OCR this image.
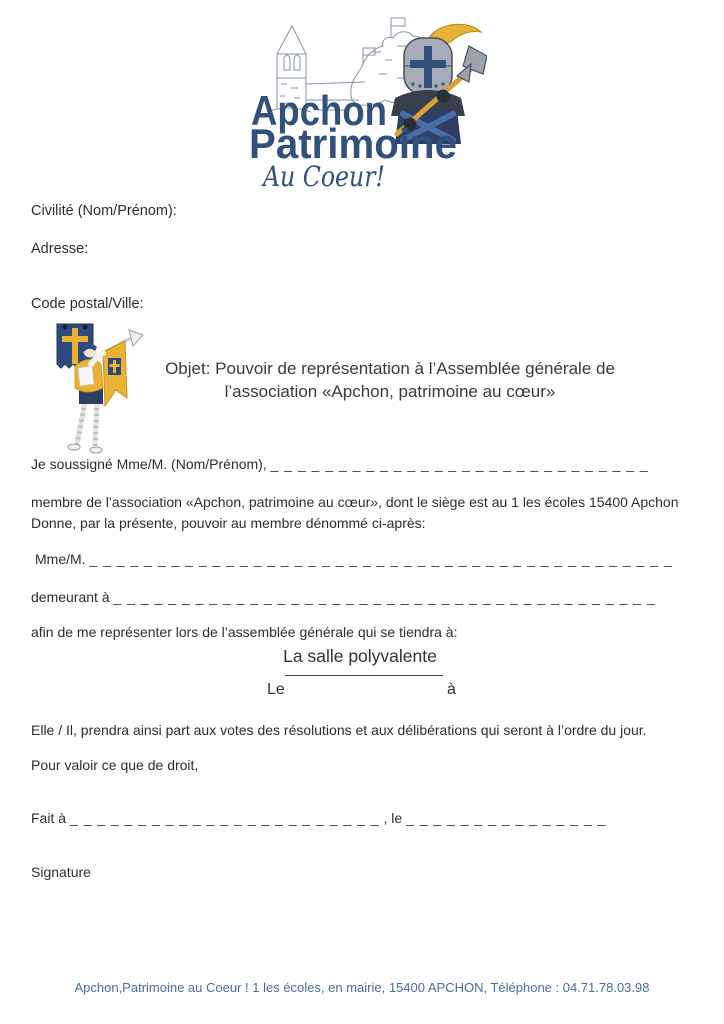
Apchon
Patrimoine
Au Coeur!
Civilité (Nom/Prénom):
Adresse:
Code postal/Ville:
Objet: Pouvoir de représentation à l’Assemblée générale de
l’association «Apchon, patrimoine au cœur»
Je soussigné Mme/M. (Nom/Prénom), _ _ _ _ _ _ _ _ _ _ _ _ _ _ _ _ _ _ _ _ _ _ _ _ _ _ _ _
membre de l’association «Apchon, patrimoine au cœur», dont le siège est au 1 les écoles 15400 Apchon
Donne, par la présente, pouvoir au membre dénommé ci-après:
Mme/M. _ _ _ _ _ _ _ _ _ _ _ _ _ _ _ _ _ _ _ _ _ _ _ _ _ _ _ _ _ _ _ _ _ _ _ _ _ _ _ _ _ _ _
demeurant à _ _ _ _ _ _ _ _ _ _ _ _ _ _ _ _ _ _ _ _ _ _ _ _ _ _ _ _ _ _ _ _ _ _ _ _ _ _ _ _
afin de me représenter lors de l’assemblée générale qui se tiendra à:
La salle polyvalente
Le	à
Elle / Il, prendra ainsi part aux votes des résolutions et aux délibérations qui seront à l’ordre du jour.
Pour valoir ce que de droit,
Fait à _ _ _ _ _ _ _ _ _ _ _ _ _ _ _ _ _ _ _ _ _ _ _ , le _ _ _ _ _ _ _ _ _ _ _ _ _ _ _
Signature
Apchon,Patrimoine au Coeur ! 1 les écoles, en mairie, 15400 APCHON, Téléphone : 04.71.78.03.98
